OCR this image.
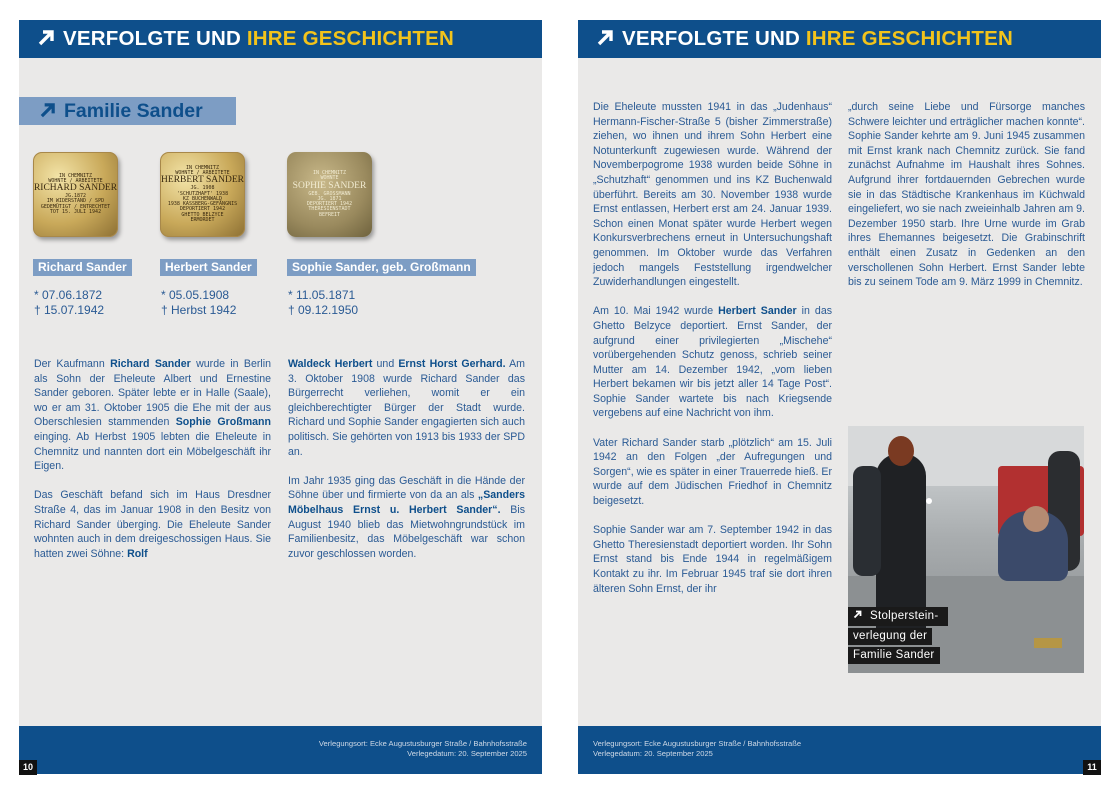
VERFOLGTE UND IHRE GESCHICHTEN
Familie Sander
IN CHEMNITZ
WOHNTE / ARBEITETE
RICHARD SANDER
JG.1872
IM WIDERSTAND / SPD
GEDEMÜTIGT / ENTRECHTET
TOT 15. JULI 1942
IN CHEMNITZ
WOHNTE / ARBEITETE
HERBERT SANDER
JG. 1908
'SCHUTZHAFT' 1938
KZ BUCHENWALD
1938 KASSBERG-GEFÄNGNIS
DEPORTIERT 1942
GHETTO BELZYCE
ERMORDET
IN CHEMNITZ
WOHNTE
SOPHIE SANDER
GEB. GROSSMANN
JG. 1871
DEPORTIERT 1942
THERESIENSTADT
BEFREIT
Richard Sander	Herbert Sander	Sophie Sander, geb. Großmann
* 07.06.1872
† 15.07.1942
* 05.05.1908
† Herbst 1942
* 11.05.1871
† 09.12.1950

Der Kaufmann Richard Sander wurde in Berlin als Sohn der Eheleute Albert und Ernestine Sander geboren. Später lebte er in Halle (Saale), wo er am 31. Oktober 1905 die Ehe mit der aus Oberschlesien stammenden Sophie Großmann einging. Ab Herbst 1905 lebten die Eheleute in Chemnitz und nannten dort ein Möbelgeschäft ihr Eigen.

Das Geschäft befand sich im Haus Dresdner Straße 4, das im Januar 1908 in den Besitz von Richard Sander überging. Die Eheleute Sander wohnten auch in dem dreigeschossigen Haus. Sie hatten zwei Söhne: Rolf

Waldeck Herbert und Ernst Horst Gerhard. Am 3. Oktober 1908 wurde Richard Sander das Bürgerrecht verliehen, womit er ein gleichberechtigter Bürger der Stadt wurde. Richard und Sophie Sander engagierten sich auch politisch. Sie gehörten von 1913 bis 1933 der SPD an.

Im Jahr 1935 ging das Geschäft in die Hände der Söhne über und firmierte von da an als „Sanders Möbelhaus Ernst u. Herbert Sander“. Bis August 1940 blieb das Mietwohngrundstück im Familienbesitz, das Möbelgeschäft war schon zuvor geschlossen worden.

Verlegungsort: Ecke Augustusburger Straße / Bahnhofsstraße
Verlegedatum: 20. September 2025
10
VERFOLGTE UND IHRE GESCHICHTEN

Die Eheleute mussten 1941 in das „Judenhaus“ Hermann-Fischer-Straße 5 (bisher Zimmerstraße) ziehen, wo ihnen und ihrem Sohn Herbert eine Notunterkunft zugewiesen wurde. Während der Novemberpogrome 1938 wurden beide Söhne in „Schutzhaft“ genommen und ins KZ Buchenwald überführt. Bereits am 30. November 1938 wurde Ernst entlassen, Herbert erst am 24. Januar 1939. Schon einen Monat später wurde Herbert wegen Konkursverbrechens erneut in Untersuchungshaft genommen. Im Oktober wurde das Verfahren jedoch mangels Feststellung irgendwelcher Zuwiderhandlungen eingestellt.

Am 10. Mai 1942 wurde Herbert Sander in das Ghetto Belzyce deportiert. Ernst Sander, der aufgrund einer privilegierten „Mischehe“ vorübergehenden Schutz genoss, schrieb seiner Mutter am 14. Dezember 1942, „vom lieben Herbert bekamen wir bis jetzt aller 14 Tage Post“. Sophie Sander wartete bis nach Kriegsende vergebens auf eine Nachricht von ihm.

Vater Richard Sander starb „plötzlich“ am 15. Juli 1942 an den Folgen „der Aufregungen und Sorgen“, wie es später in einer Trauerrede hieß. Er wurde auf dem Jüdischen Friedhof in Chemnitz beigesetzt.

Sophie Sander war am 7. September 1942 in das Ghetto Theresienstadt deportiert worden. Ihr Sohn Ernst stand bis Ende 1944 in regelmäßigem Kontakt zu ihr. Im Februar 1945 traf sie dort ihren älteren Sohn Ernst, der ihr

„durch seine Liebe und Fürsorge manches Schwere leichter und erträglicher machen konnte“. Sophie Sander kehrte am 9. Juni 1945 zusammen mit Ernst krank nach Chemnitz zurück. Sie fand zunächst Aufnahme im Haushalt ihres Sohnes. Aufgrund ihrer fortdauernden Gebrechen wurde sie in das Städtische Krankenhaus im Küchwald eingeliefert, wo sie nach zweieinhalb Jahren am 9. Dezember 1950 starb. Ihre Urne wurde im Grab ihres Ehemannes beigesetzt. Die Grabinschrift enthält einen Zusatz in Gedenken an den verschollenen Sohn Herbert. Ernst Sander lebte bis zu seinem Tode am 9. März 1999 in Chemnitz.

Stolperstein-
verlegung der
Familie Sander
Verlegungsort: Ecke Augustusburger Straße / Bahnhofsstraße
Verlegedatum: 20. September 2025
11
